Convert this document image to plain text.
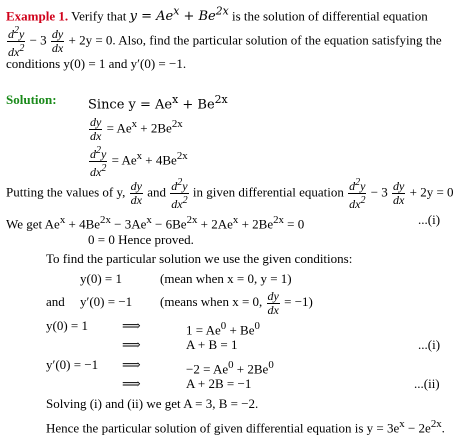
Example 1. Verify that $y = Ae^x + Be^{2x}$ is the solution of differential equation
$\frac{d^2y}{dx^2} - 3 \frac{dy}{dx} + 2y = 0$. Also, find the particular solution of the equation satisfying the
conditions y(0) = 1 and y′(0) = −1.
Solution: Since $y = Ae^x + Be^{2x}$
$\frac{dy}{dx} = Ae^x + 2Be^{2x}$
$\frac{d^2y}{dx^2} = Ae^x + 4Be^{2x}$
Putting the values of y, $\frac{dy}{dx}$ and $\frac{d^2y}{dx^2}$ in given differential equation $\frac{d^2y}{dx^2} - 3 \frac{dy}{dx} + 2y = 0$
We get $Ae^x + 4Be^{2x} - 3Ae^x - 6Be^{2x} + 2Ae^x + 2Be^{2x} = 0$	...(i)
0 = 0 Hence proved.
To find the particular solution we use the given conditions:
y(0) = 1	(mean when x = 0, y = 1)
and y′(0) = −1 (means when x = 0, $\frac{dy}{dx} = -1$)
y(0) = 1	⟹	$1 = Ae^0 + Be^0$
⟹	A + B = 1	...(i)
y′(0) = −1 ⟹	$-2 = Ae^0 + 2Be^0$
⟹	A + 2B = −1	...(ii)
Solving (i) and (ii) we get A = 3, B = −2.
Hence the particular solution of given differential equation is $y = 3e^x - 2e^{2x}$.
